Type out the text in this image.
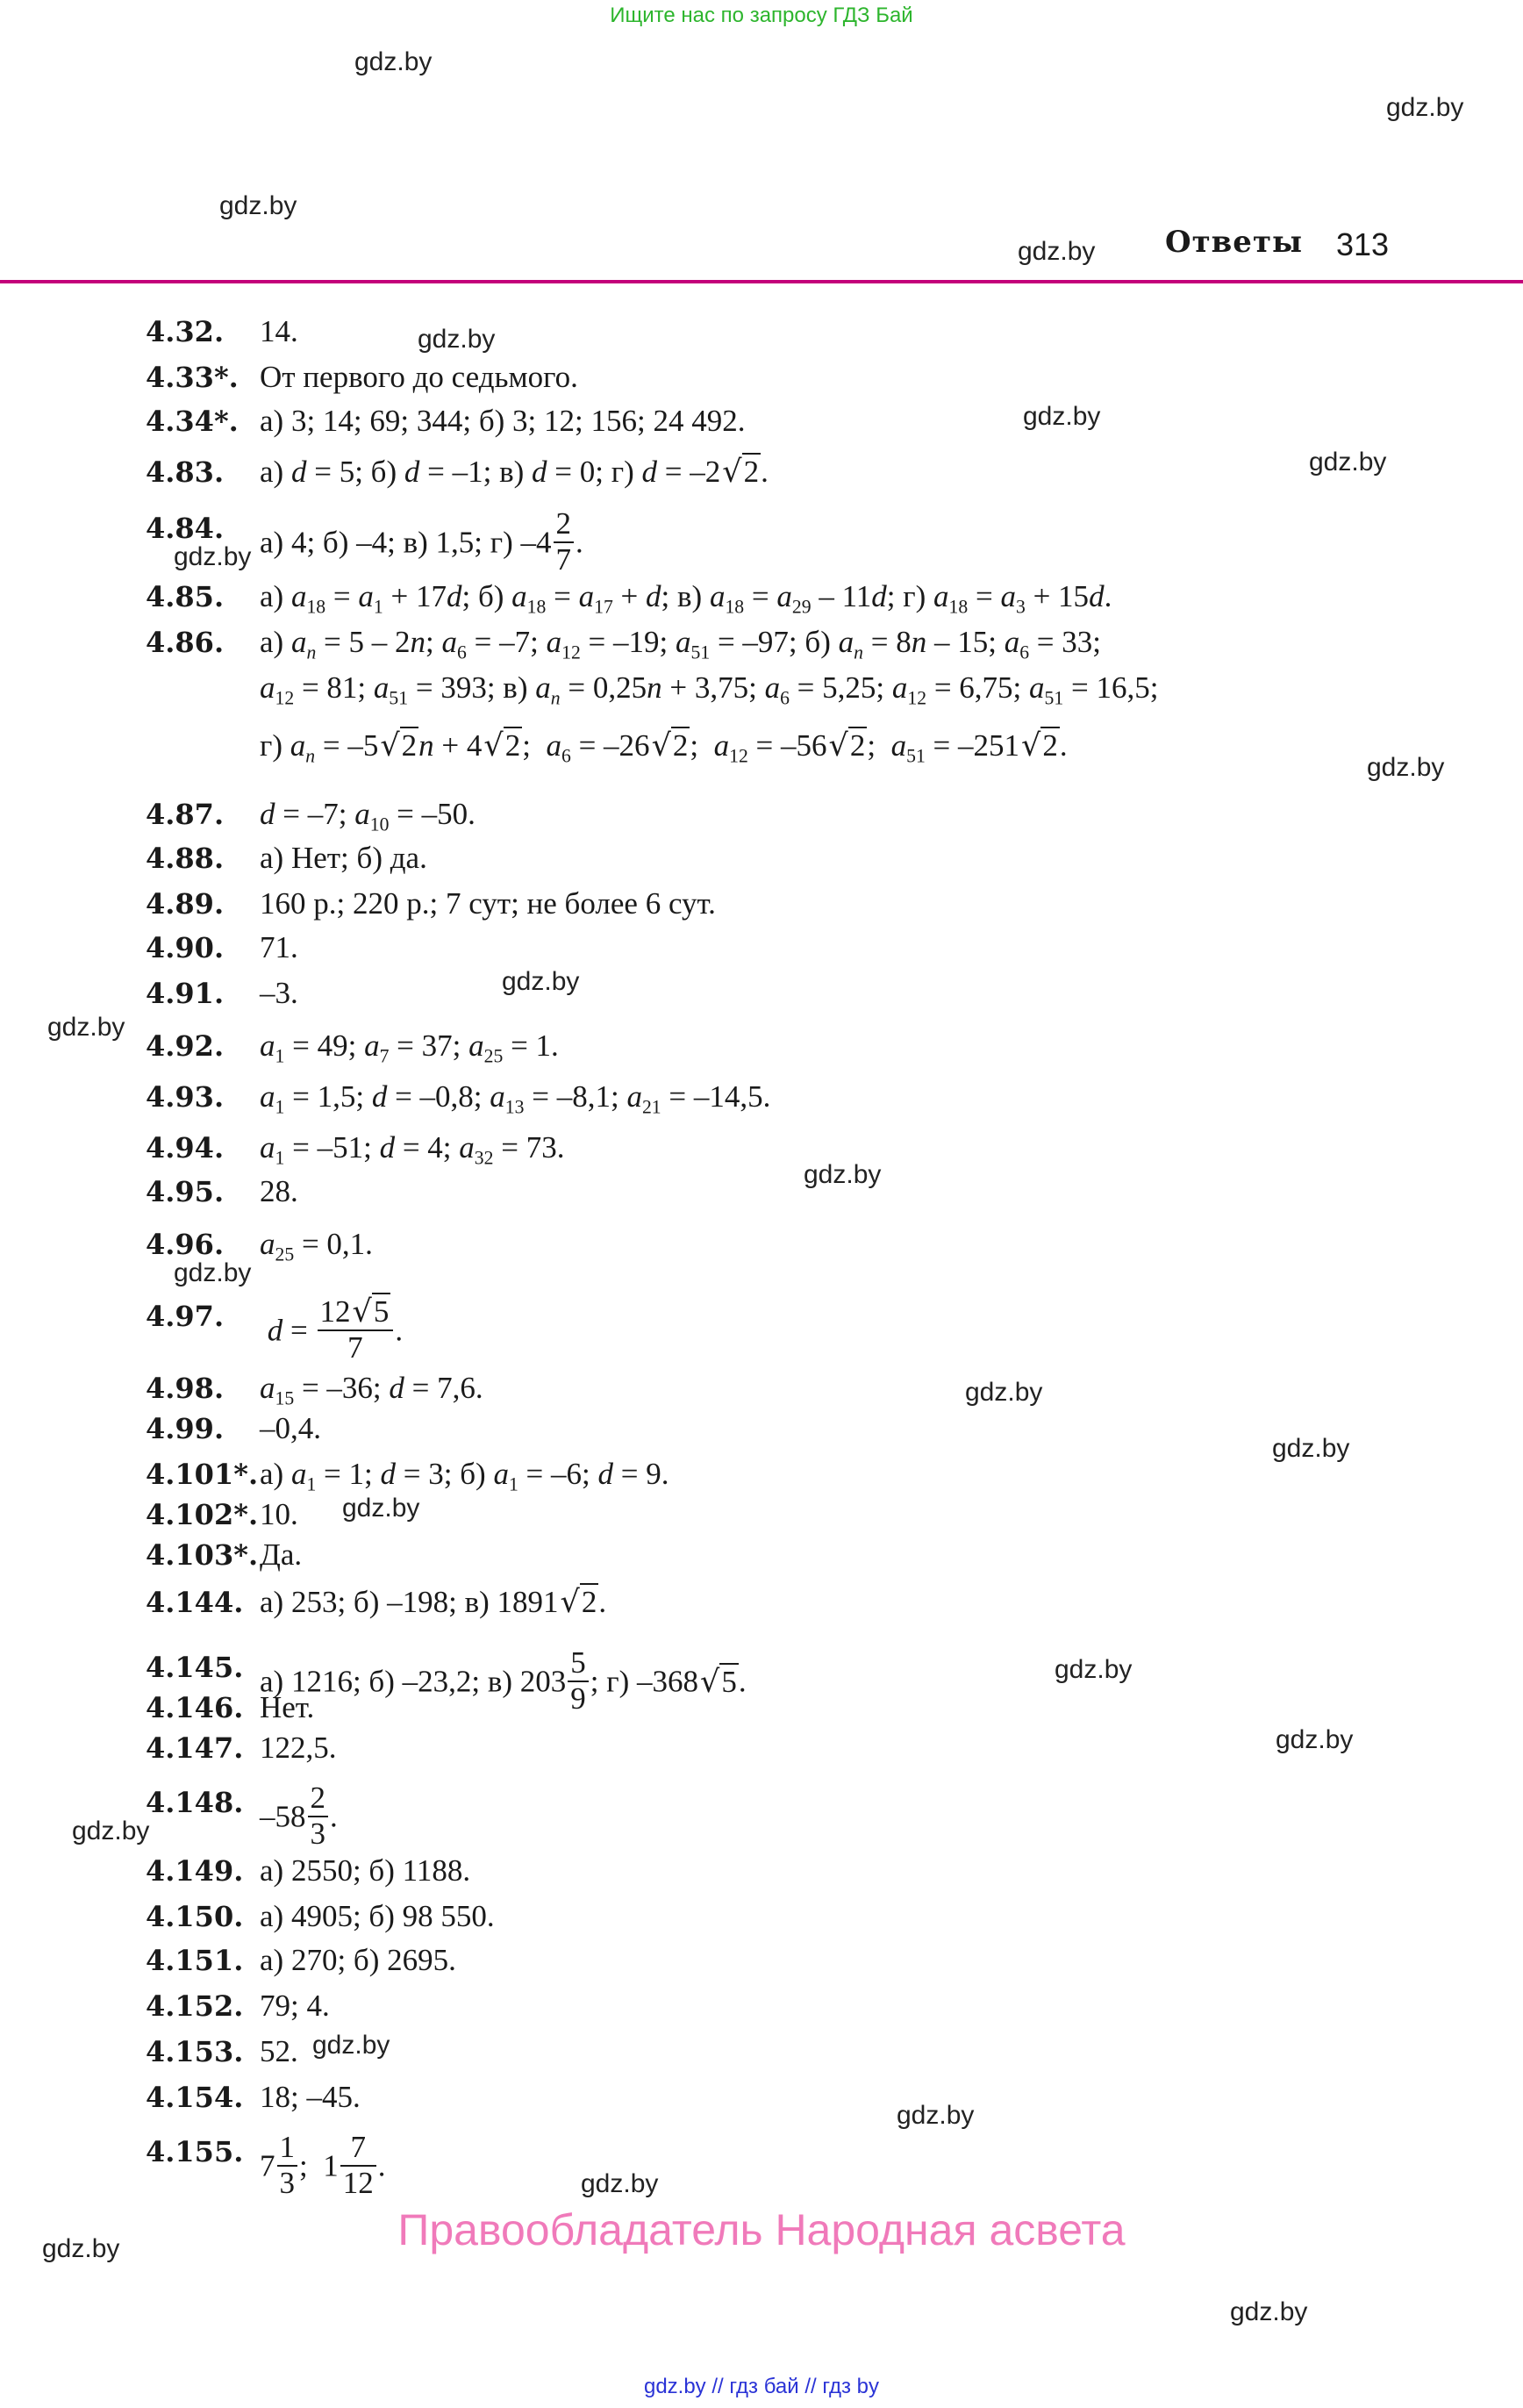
Ищите нас по запросу ГДЗ Бай
Ответы 313
gdz.by
gdz.by
gdz.by
gdz.by
gdz.by
gdz.by
gdz.by
gdz.by
gdz.by
gdz.by
gdz.by
gdz.by
gdz.by
gdz.by
gdz.by
gdz.by
gdz.by
gdz.by
gdz.by
gdz.by
gdz.by
gdz.by
gdz.by
gdz.by
4.32. 14.
4.33*. От первого до седьмого.
4.34*. а) 3; 14; 69; 344; б) 3; 12; 156; 24 492.
4.83. а) d = 5; б) d = –1; в) d = 0; г) d = –2√2.
4.84. а) 4; б) –4; в) 1,5; г) $-4 \frac{2}{7}$ .
4.85. а) $a_{18} = a_1 + 17d$; б) $a_{18} = a_{17} + d$; в) $a_{18} = a_{29} - 11d$; г) $a_{18} = a_3 + 15d$.
4.86. а) $a_n = 5 - 2n$; $a_6 = -7$; $a_{12} = -19$; $a_{51} = -97$; б) $a_n = 8n - 15$; $a_6 = 33$;
$a_{12} = 81$; $a_{51} = 393$; в) $a_n = 0,25n + 3,75$; $a_6 = 5,25$; $a_{12} = 6,75$; $a_{51} = 16,5$;
г) $a_n = -5√2n + 4√2$;  $a_6 = -26√2$;  $a_{12} = -56√2$;  $a_{51} = -251√2$.
4.87. d = –7; $a_{10} = -50$.
4.88. а) Нет; б) да.
4.89. 160 р.; 220 р.; 7 сут; не более 6 сут.
4.90. 71.
4.91. –3.
4.92. $a_1 = 49$; $a_7 = 37$; $a_{25} = 1$.
4.93. $a_1 = 1,5$; d = –0,8; $a_{13} = -8,1$; $a_{21} = -14,5$.
4.94. $a_1 = -51$; d = 4; $a_{32} = 73$.
4.95. 28.
4.96. $a_{25} = 0,1$.
4.97. $d = \frac{12√5}{7}$ .
4.98. $a_{15} = -36$; d = 7,6.
4.99. –0,4.
4.101*. а) $a_1 = 1$; d = 3; б) $a_1 = -6$; d = 9.
4.102*. 10.
4.103*. Да.
4.144. а) 253; б) –198; в) 1891√2.
4.145. а) 1216; б) –23,2; в) $203 \frac{5}{9}$ ; г) –368√5.
4.146. Нет.
4.147. 122,5.
4.148. $-58 \frac{2}{3}$ .
4.149. а) 2550; б) 1188.
4.150. а) 4905; б) 98 550.
4.151. а) 270; б) 2695.
4.152. 79; 4.
4.153. 52.
4.154. 18; –45.
4.155. $7 \frac{1}{3}$ ;  $1 \frac{7}{12}$ .
Правообладатель Народная асвета
gdz.by // гдз бай // гдз by
